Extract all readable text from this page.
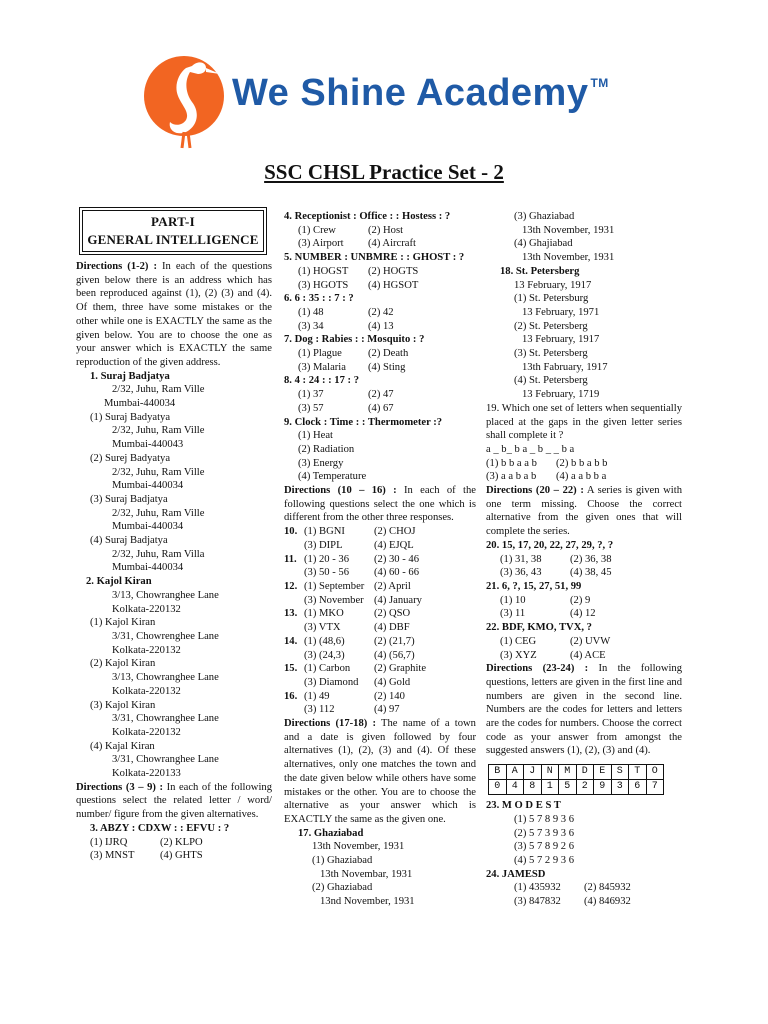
We Shine Academy ™
SSC CHSL Practice Set - 2
PART-I
GENERAL INTELLIGENCE
Directions (1-2) : In each of the questions given below there is an address which has been reproduced against (1), (2) (3) and (4). Of them, three have some mistakes or the other while one is EXACTLY the same as the given below. You are to choose the one as your answer which is EXACTLY the same reproduction of the given address.
1. Suraj Badjatya
2/32, Juhu, Ram Ville
Mumbai-440034
(1) Suraj Badyatya
2/32, Juhu, Ram Ville
Mumbai-440043
(2) Surej Badyatya
2/32, Juhu, Ram Ville
Mumbai-440034
(3) Suraj Badjatya
2/32, Juhu, Ram Ville
Mumbai-440034
(4) Suraj Badjatya
2/32, Juhu, Ram Villa
Mumbai-440034
2. Kajol Kiran
3/13, Chowranghee Lane
Kolkata-220132
(1) Kajol Kiran
3/31, Chowrenghee Lane
Kolkata-220132
(2) Kajol Kiran
3/13, Chowranghee Lane
Kolkata-220132
(3) Kajol Kiran
3/31, Chowranghee Lane
Kolkata-220132
(4) Kajal Kiran
3/31, Chowranghee Lane
Kolkata-220133
Directions (3 – 9) : In each of the following questions select the related letter / word/ number/ figure from the given alternatives.
3. ABZY : CDXW : : EFVU : ?
(1) IJRQ	(2) KLPO
(3) MNST	(4) GHTS
4. Receptionist : Office : : Hostess : ?
(1) Crew	(2) Host
(3) Airport	(4) Aircraft
5. NUMBER : UNBMRE : : GHOST : ?
(1) HOGST	(2) HOGTS
(3) HGOTS	(4) HGSOT
6. 6 : 35 : : 7 : ?
(1) 48	(2) 42
(3) 34	(4) 13
7. Dog : Rabies : : Mosquito : ?
(1) Plague	(2) Death
(3) Malaria	(4) Sting
8. 4 : 24 : : 17 : ?
(1) 37	(2) 47
(3) 57	(4) 67
9. Clock : Time : : Thermometer :?
(1) Heat
(2) Radiation
(3) Energy
(4) Temperature
Directions (10 – 16) : In each of the following questions select the one which is different from the other three responses.
10. (1) BGNI	(2) CHOJ
(3) DIPL	(4) EJQL
11. (1) 20 - 36	(2) 30 - 46
(3) 50 - 56	(4) 60 - 66
12. (1) September (2) April
(3) November (4) January
13. (1) MKO	(2) QSO
(3) VTX	(4) DBF
14. (1) (48,6)	(2) (21,7)
(3) (24,3)	(4) (56,7)
15. (1) Carbon	(2) Graphite
(3) Diamond	(4) Gold
16. (1) 49	(2) 140
(3) 112	(4) 97
Directions (17-18) : The name of a town and a date is given followed by four alternatives (1), (2), (3) and (4). Of these alternatives, only one matches the town and the date given below while others have some mistakes or the other. You are to choose the alternative as your answer which is EXACTLY the same as the given one.
17. Ghaziabad
13th November, 1931
(1) Ghaziabad
13th Novembar, 1931
(2) Ghaziabad
13nd November, 1931
(3) Ghaziabad
13th November, 1931
(4) Ghajiabad
13th November, 1931
18. St. Petersberg
13 February, 1917
(1) St. Petersburg
13 February, 1971
(2) St. Petersberg
13 February, 1917
(3) St. Petersberg
13th Fabruary, 1917
(4) St. Petersberg
13 February, 1719
19. Which one set of letters when sequentially placed at the gaps in the given letter series shall complete it ?
a _ b_ b a _ b _ _ b a
(1) b b a a b	(2) b b a b b
(3) a a b a b	(4) a a b b a
Directions (20 – 22) : A series is given with one term missing. Choose the correct alternative from the given ones that will complete the series.
20. 15, 17, 20, 22, 27, 29, ?, ?
(1) 31, 38	(2) 36, 38
(3) 36, 43	(4) 38, 45
21. 6, ?, 15, 27, 51, 99
(1) 10	(2) 9
(3) 11	(4) 12
22. BDF, KMO, TVX, ?
(1) CEG	(2) UVW
(3) XYZ	(4) ACE
Directions (23-24) : In the following questions, letters are given in the first line and numbers are given in the second line. Numbers are the codes for letters and letters are the codes for numbers. Choose the correct code as your answer from amongst the suggested answers (1), (2), (3) and (4).
B	A	J	N	M	D	E	S	T	O
0	4	8	1	5	2	9	3	6	7
23. M O D E S T
(1) 5 7 8 9 3 6
(2) 5 7 3 9 3 6
(3) 5 7 8 9 2 6
(4) 5 7 2 9 3 6
24. JAMESD
(1) 435932	(2) 845932
(3) 847832	(4) 846932
